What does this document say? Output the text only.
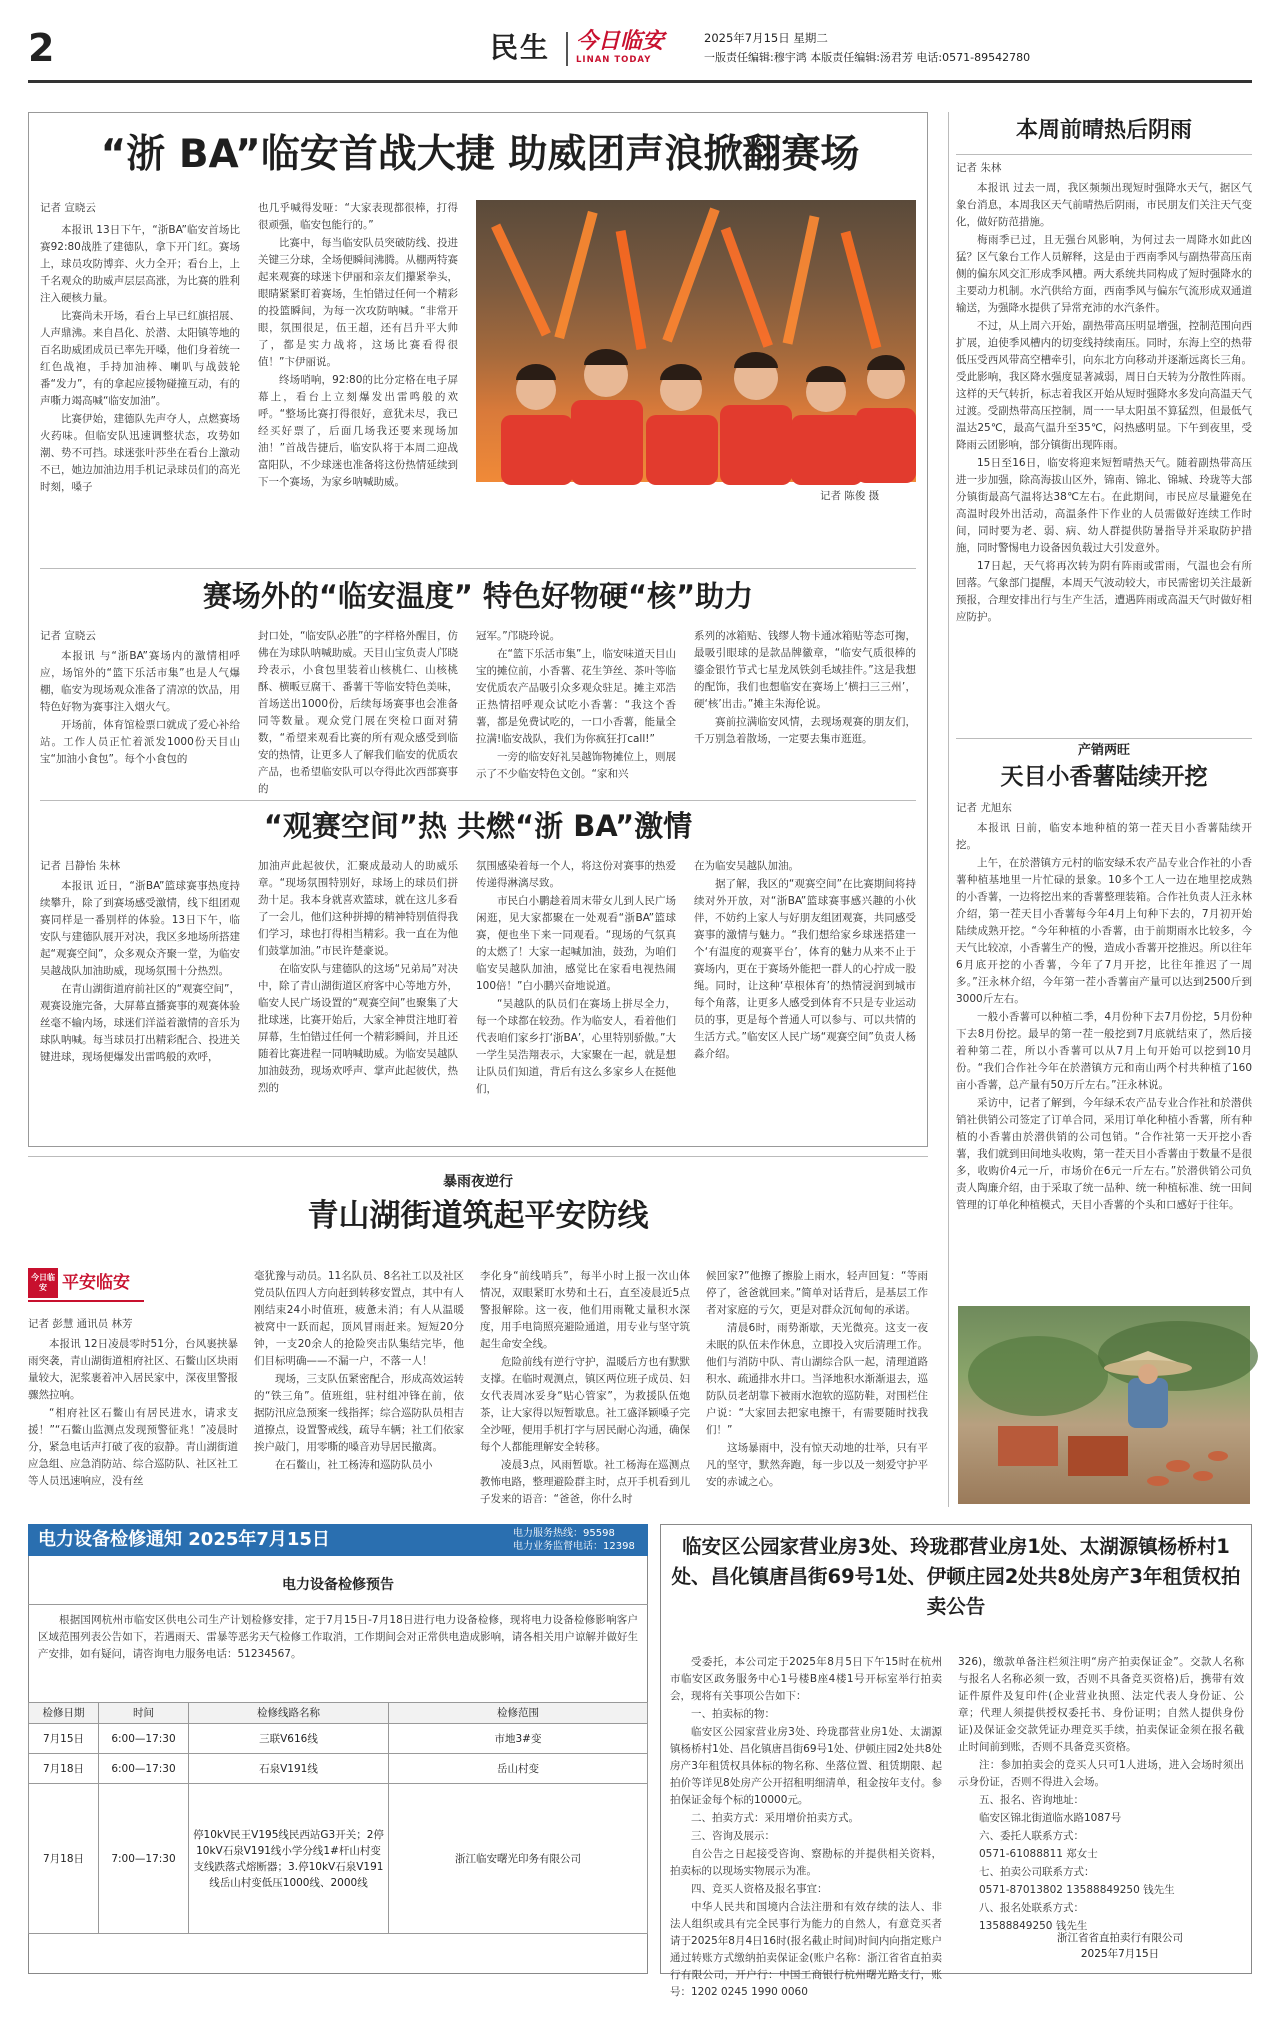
2	民生 今日临安
LINAN TODAY
2025年7月15日 星期二
一版责任编辑:穆宇鸿 本版责任编辑:汤君芳 电话:0571-89542780
“浙 BA”临安首战大捷 助威团声浪掀翻赛场
记者 宣晓云

本报讯 13日下午，“浙BA”临安首场比赛92:80战胜了建德队，拿下开门红。赛场上，球员攻防博弈、火力全开；看台上，上千名观众的助威声层层高涨，为比赛的胜利注入硬核力量。

比赛尚未开场，看台上早已红旗招展、人声鼎沸。来自昌化、於潜、太阳镇等地的百名助威团成员已率先开嗓，他们身着统一红色战袍，手持加油棒、喇叭与战鼓轮番“发力”，有的拿起应援物碰撞互动，有的声嘶力竭高喊“临安加油”。

比赛伊始，建德队先声夺人，点燃赛场火药味。但临安队迅速调整状态，攻势如潮、势不可挡。球迷张叶莎坐在看台上激动不已，她边加油边用手机记录球员们的高光时刻，嗓子

也几乎喊得发哑：“大家表现都很棒，打得很顽强，临安包能行的。”

比赛中，每当临安队员突破防线、投进关键三分球，全场便瞬间沸腾。从棚两特赛起来观赛的球迷卞伊丽和亲友们攥紧拳头，眼睛紧紧盯着赛场，生怕错过任何一个精彩的投篮瞬间，为每一次攻防呐喊。“非常开眼，氛围很足，伍王超，还有吕升平大帅了，都是实力战将，这场比赛看得很值！”卞伊丽说。

终场哨响，92:80的比分定格在电子屏幕上，看台上立刻爆发出雷鸣般的欢呼。“整场比赛打得很好，意犹未尽，我已经买好票了，后面几场我还要来现场加油！”首战告捷后，临安队将于本周二迎战富阳队，不少球迷也准备将这份热情延续到下一个赛场，为家乡呐喊助威。

记者 陈俊 摄
赛场外的“临安温度” 特色好物硬“核”助力
记者 宣晓云

本报讯 与“浙BA”赛场内的激情相呼应，场馆外的“篮下乐活市集”也是人气爆棚，临安为现场观众准备了清凉的饮品，用特色好物为赛事注入烟火气。

开场前，体育馆检票口就成了爱心补给站。工作人员正忙着派发1000份天目山宝“加油小食包”。每个小食包的

封口处，“临安队必胜”的字样格外醒目，仿佛在为球队呐喊助威。天目山宝负责人邝晓玲表示，小食包里装着山核桃仁、山核桃酥、横畈豆腐干、番薯干等临安特色美味，首场送出1000份，后续每场赛事也会准备同等数量。观众党门展在突检口面对猜数，“希望来观看比赛的所有观众感受到临安的热情，让更多人了解我们临安的优质农产品，也希望临安队可以夺得此次西部赛事的

冠军。”邝晓玲说。

在“篮下乐活市集”上，临安味道天目山宝的摊位前，小香薯、花生笋丝、茶叶等临安优质农产品吸引众多观众驻足。摊主邓浩正热情招呼观众试吃小香薯：“我这个香薯，都是免费试吃的，一口小香薯，能量全拉满!临安战队，我们为你疯狂打call!”

一旁的临安好礼吴越饰物摊位上，则展示了不少临安特色文创。“家和兴

系列的冰箱贴、钱缪人物卡通冰箱贴等态可掬，最吸引眼球的是款品牌徽章，“临安气质很棒的鎏金银竹节式七星龙凤铁剑毛域挂件。”这是我想的配饰，我们也想临安在赛场上‘横扫三三州’，硬‘核’出击。”摊主朱海伦说。

赛前拉满临安风情，去现场观赛的朋友们，千万别急着散场，一定要去集市逛逛。

“观赛空间”热 共燃“浙 BA”激情
记者 吕静怡 朱林

本报讯 近日，“浙BA”篮球赛事热度持续攀升，除了到赛场感受激情，线下组团观赛同样是一番别样的体验。13日下午，临安队与建德队展开对决，我区多地场所搭建起“观赛空间”，众多观众齐聚一堂，为临安吴越战队加油助威，现场氛围十分热烈。

在青山湖街道府前社区的“观赛空间”，观赛设施完备，大屏幕直播赛事的观赛体验丝毫不输内场，球迷们洋溢着激情的音乐为球队呐喊。每当球员打出精彩配合、投进关键进球，现场便爆发出雷鸣般的欢呼，

加油声此起彼伏，汇聚成最动人的助威乐章。“现场氛围特别好，球场上的球员们拼劲十足。我本身就喜欢篮球，就在这儿多看了一会儿，他们这种拼搏的精神特别值得我们学习，球也打得相当精彩。我一直在为他们鼓掌加油。”市民许楚豪说。

在临安队与建德队的这场“兄弟局”对决中，除了青山湖街道区府客中心等地方外，临安人民广场设置的“观赛空间”也聚集了大批球迷，比赛开始后，大家全神贯注地盯着屏幕，生怕错过任何一个精彩瞬间，并且还随着比赛进程一同呐喊助威。为临安吴越队加油鼓劲，现场欢呼声、掌声此起彼伏，热烈的

氛围感染着每一个人，将这份对赛事的热爱传递得淋漓尽致。

市民白小鹏趁着周末带女儿到人民广场闲逛，见大家都聚在一处观看“浙BA”篮球赛，便也坐下来一同观看。“现场的气氛真的太燃了！大家一起喊加油，鼓劲，为咱们临安吴越队加油，感觉比在家看电视热闹100倍！”白小鹏兴奋地说道。

“吴越队的队员们在赛场上拼尽全力，每一个球都在较劲。作为临安人，看着他们代表咱们家乡打‘浙BA’，心里特别骄傲。”大一学生吴浩翔表示，大家聚在一起，就是想让队员们知道，背后有这么多家乡人在挺他们，

在为临安吴越队加油。

据了解，我区的“观赛空间”在比赛期间将持续对外开放，对“浙BA”篮球赛事感兴趣的小伙伴，不妨约上家人与好朋友组团观赛，共同感受赛事的激情与魅力。“我们想给家乡球迷搭建一个‘有温度的观赛平台’，体育的魅力从来不止于赛场内，更在于赛场外能把一群人的心拧成一股绳。同时，让这种‘草根体育’的热情浸润到城市每个角落，让更多人感受到体育不只是专业运动员的事，更是每个普通人可以参与、可以共情的生活方式。”临安区人民广场“观赛空间”负责人杨淼介绍。

本周前晴热后阴雨
记者 朱林

本报讯 过去一周，我区频频出现短时强降水天气，据区气象台消息，本周我区天气前晴热后阴雨，市民朋友们关注天气变化，做好防范措施。

梅雨季已过，且无强台风影响，为何过去一周降水如此凶猛？区气象台工作人员解释，这是由于西南季风与副热带高压南侧的偏东风交汇形成季风槽。两大系统共同构成了短时强降水的主要动力机制。水汽供给方面，西南季风与偏东气流形成双通道输送，为强降水提供了异常充沛的水汽条件。

不过，从上周六开始，副热带高压明显增强，控制范围向西扩展，迫使季风槽内的切变线持续南压。同时，东海上空的热带低压受西风带高空槽牵引，向东北方向移动并逐渐远离长三角。受此影响，我区降水强度显著减弱，周日白天转为分散性阵雨。这样的天气转折，标志着我区开始从短时强降水多发向高温天气过渡。受副热带高压控制，周一一早太阳虽不算猛烈，但最低气温达25℃，最高气温升至35℃，闷热感明显。下午到夜里，受降雨云团影响，部分镇街出现阵雨。

15日至16日，临安将迎来短暂晴热天气。随着副热带高压进一步加强，除高海拔山区外，锦南、锦北、锦城、玲珑等大部分镇街最高气温将达38℃左右。在此期间，市民应尽量避免在高温时段外出活动，高温条件下作业的人员需做好连续工作时间，同时要为老、弱、病、幼人群提供防暑指导并采取防护措施，同时警惕电力设备因负载过大引发意外。

17日起，天气将再次转为阴有阵雨或雷雨，气温也会有所回落。气象部门提醒，本周天气波动较大，市民需密切关注最新预报，合理安排出行与生产生活，遭遇阵雨或高温天气时做好相应防护。

产销两旺
天目小香薯陆续开挖
记者 尤旭东

本报讯 日前，临安本地种植的第一茬天目小香薯陆续开挖。

上午，在於潜镇方元村的临安绿禾农产品专业合作社的小香薯种植基地里一片忙碌的景象。10多个工人一边在地里挖成熟的小香薯，一边将挖出来的香薯整理装箱。合作社负责人汪永林介绍，第一茬天目小香薯每今年4月上旬种下去的，7月初开始陆续成熟开挖。“今年种植的小香薯，由于前期雨水比较多，今天气比较凉，小香薯生产的慢，造成小香薯开挖推迟。所以往年6月底开挖的小香薯，今年了7月开挖，比往年推迟了一周多。”汪永林介绍，今年第一茬小香薯亩产量可以达到2500斤到3000斤左右。

一般小香薯可以种植二季，4月份种下去7月份挖，5月份种下去8月份挖。最早的第一茬一般挖到7月底就结束了，然后接着种第二茬，所以小香薯可以从7月上旬开始可以挖到10月份。“我们合作社今年在於潜镇方元和南山两个村共种植了160亩小香薯，总产量有50万斤左右。”汪永林说。

采访中，记者了解到，今年绿禾农产品专业合作社和於潜供销社供销公司签定了订单合同，采用订单化种植小香薯，所有种植的小香薯由於潜供销的公司包销。“合作社第一天开挖小香薯，我们就到田间地头收购，第一茬天目小香薯由于数量不是很多，收购价4元一斤，市场价在6元一斤左右。”於潜供销公司负责人陶廉介绍，由于采取了统一品种、统一种植标准、统一田间管理的订单化种植模式，天目小香薯的个头和口感好于往年。

暴雨夜逆行
青山湖街道筑起平安防线
今日临安 平安临安
记者 彭慧 通讯员 林芳

本报讯 12日凌晨零时51分，台风裹挟暴雨突袭，青山湖街道相府社区、石鳖山区块雨量较大，泥浆裹着冲入居民家中，深夜里警报骤然拉响。

“相府社区石鳖山有居民进水，请求支援！”“石鳖山监测点发现预警征兆！”凌晨时分，紧急电话声打破了夜的寂静。青山湖街道应急组、应急消防站、综合巡防队、社区社工等人员迅速响应，没有丝

毫犹豫与动员。11名队员、8名社工以及社区党员队伍四人方向赶到转移安置点，其中有人刚结束24小时值班，疲惫未消；有人从温暖被窝中一跃而起，顶风冒雨赶来。短短20分钟，一支20余人的抢险突击队集结完毕，他们目标明确——不漏一户，不落一人！

现场，三支队伍紧密配合，形成高效运转的“铁三角”。值班组，驻村组冲锋在前，依据防汛应急预案一线指挥；综合巡防队员相吉道撩点，设置警戒线，疏导车辆；社工们依家挨户敲门，用零嘶的嗓音劝导居民撤离。

在石鳖山，社工杨涛和巡防队员小

李化身“前线哨兵”，每半小时上报一次山体情况，双眼紧盯水势和土石，直至凌晨近5点警报解除。这一夜，他们用雨靴丈量积水深度，用手电筒照亮避险通道，用专业与坚守筑起生命安全线。

危险前线有逆行守护，温暖后方也有默默支撑。在临时观测点，镇区两位班子成员、妇女代表周冰妥身“贴心管家”，为救援队伍炮茶，让大家得以短暂歇息。社工盛泽颖嗓子完全沙哑，便用手机打字与居民耐心沟通，确保每个人都能理解安全转移。

凌晨3点，风雨暂歇。社工杨海在巡测点教怖电路，整理避险群主时，点开手机看到儿子发来的语音：“爸爸，你什么时

候回家?”他擦了擦脸上雨水，轻声回复：“等雨停了，爸爸就回来。”简单对话背后，是基层工作者对家庭的亏欠，更是对群众沉甸甸的承诺。

清晨6时，雨势渐歇，天光微亮。这支一夜未眠的队伍未作休息，立即投入灾后清理工作。他们与消防中队、青山湖综合队一起，清理道路积水、疏通排水井口。当泽地积水渐渐退去，巡防队员老胡靠下被雨水泡软的巡防鞋，对围栏住户说：“大家回去把家电擦干，有需要随时找我们！”

这场暴雨中，没有惊天动地的壮举，只有平凡的坚守，默然奔跑，每一步以及一刻爱守护平安的赤诚之心。

电力设备检修通知 2025年7月15日	电力服务热线：95598
电力业务监督电话：12398
电力设备检修预告

根据国网杭州市临安区供电公司生产计划检修安排，定于7月15日-7月18日进行电力设备检修，现将电力设备检修影响客户区域范围列表公告如下，若遇雨天、雷暴等恶劣天气检修工作取消，工作期间会对正常供电造成影响，请各相关用户谅解并做好生产安排，如有疑问，请咨询电力服务电话：51234567。

检修日期	时间	检修线路名称	检修范围
7月15日	6:00—17:30	三联V616线	市地3#变
7月18日	6:00—17:30	石泉V191线	岳山村变
7月18日	7:00—17:30	停10kV民王V195线民西站G3开关；2停10kV石泉V191线小学分线1#杆山村变支线跌落式熔断器；3.停10kV石泉V191线岳山村变低压1000线、2000线	浙江临安曙光印务有限公司
临安区公园家营业房3处、玲珑郡营业房1处、太湖源镇杨桥村1处、昌化镇唐昌街69号1处、伊顿庄园2处共8处房产3年租赁权拍卖公告

受委托，本公司定于2025年8月5日下午15时在杭州市临安区政务服务中心1号楼B座4楼1号开标室举行拍卖会，现将有关事项公告如下：

一、拍卖标的物：

临安区公园家营业房3处、玲珑郡营业房1处、太湖源镇杨桥村1处、昌化镇唐昌街69号1处、伊顿庄园2处共8处房产3年租赁权具体标的物名称、坐落位置、租赁期限、起拍价等详见8处房产公开招租明细清单，租金按年支付。参拍保证金每个标的10000元。

二、拍卖方式：采用增价拍卖方式。

三、咨询及展示：

自公告之日起接受咨询、察勘标的并提供相关资料，拍卖标的以现场实物展示为准。

四、竞买人资格及报名事宜：

中华人民共和国境内合法注册和有效存续的法人、非法人组织或具有完全民事行为能力的自然人，有意竞买者请于2025年8月4日16时(报名截止时间)时间内向指定账户通过转账方式缴纳拍卖保证金(账户名称：浙江省省直拍卖行有限公司，开户行：中国工商银行杭州曙光路支行，账号：1202 0245 1990 0060

326)，缴款单备注栏须注明“房产拍卖保证金”。交款人名称与报名人名称必须一致，否则不具备竞买资格)后，携带有效证件原件及复印件(企业营业执照、法定代表人身份证、公章；代理人须提供授权委托书、身份证明；自然人提供身份证)及保证金交款凭证办理竞买手续，拍卖保证金须在报名截止时间前到账，否则不具备竞买资格。

注：参加拍卖会的竞买人只可1人进场，进入会场时须出示身份证，否则不得进入会场。

五、报名、咨询地址：

临安区锦北街道临水路1087号

六、委托人联系方式：

0571-61088811 郑女士

七、拍卖公司联系方式：

0571-87013802 13588849250 钱先生

八、报名处联系方式：

13588849250 钱先生

浙江省省直拍卖行有限公司
2025年7月15日
